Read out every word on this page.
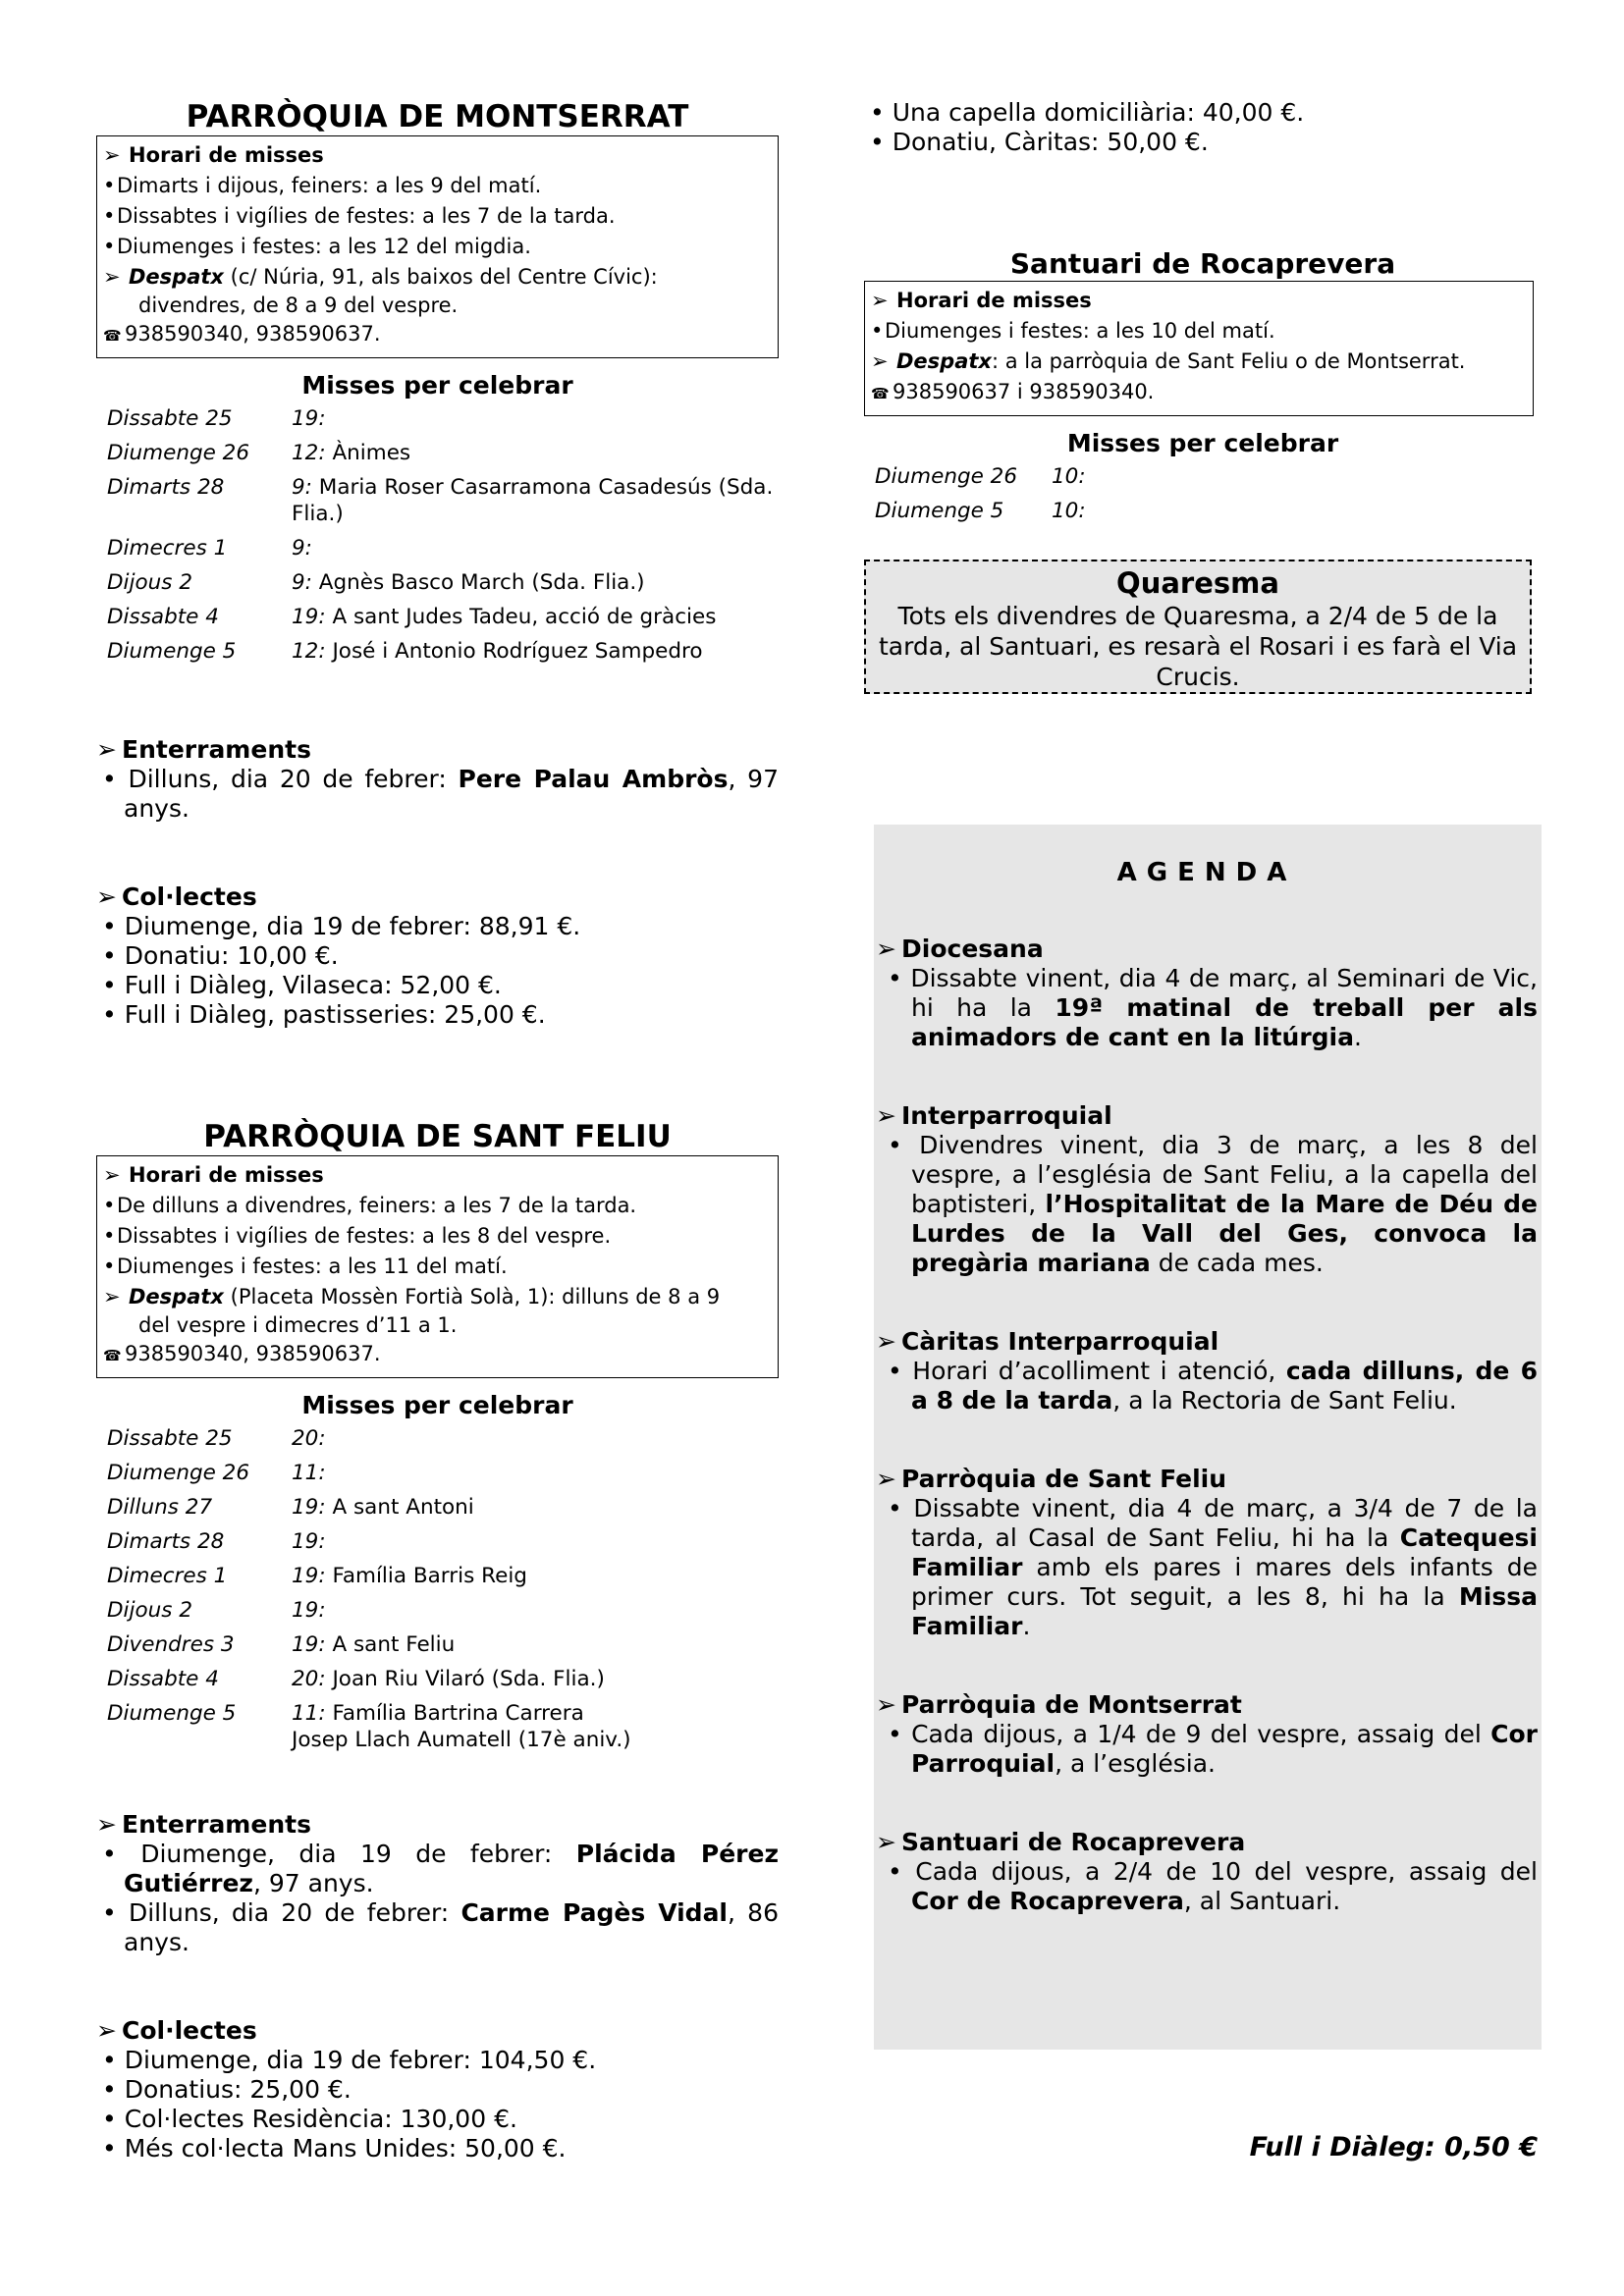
PARRÒQUIA DE MONTSERRAT
➢ Horari de misses
•Dimarts i dijous, feiners: a les 9 del matí.
•Dissabtes i vigílies de festes: a les 7 de la tarda.
•Diumenges i festes: a les 12 del migdia.
➢ Despatx (c/ Núria, 91, als baixos del Centre Cívic):
divendres, de 8 a 9 del vespre.
☎ 938590340, 938590637.
Misses per celebrar
Dissabte 25	19:
Diumenge 26	12: Ànimes
Dimarts 28	9: Maria Roser Casarramona Casadesús (Sda. Flia.)
Dimecres 1	9:
Dijous 2	9: Agnès Basco March (Sda. Flia.)
Dissabte 4	19: A sant Judes Tadeu, acció de gràcies
Diumenge 5	12: José i Antonio Rodríguez Sampedro
➢ Enterraments
• Dilluns, dia 20 de febrer: Pere Palau Ambròs, 97 anys.
➢ Col·lectes
• Diumenge, dia 19 de febrer: 88,91 €.
• Donatiu: 10,00 €.
• Full i Diàleg, Vilaseca: 52,00 €.
• Full i Diàleg, pastisseries: 25,00 €.
PARRÒQUIA DE SANT FELIU
➢ Horari de misses
•De dilluns a divendres, feiners: a les 7 de la tarda.
•Dissabtes i vigílies de festes: a les 8 del vespre.
•Diumenges i festes: a les 11 del matí.
➢ Despatx (Placeta Mossèn Fortià Solà, 1): dilluns de 8 a 9
del vespre i dimecres d’11 a 1.
☎ 938590340, 938590637.
Misses per celebrar
Dissabte 25	20:
Diumenge 26	11:
Dilluns 27	19: A sant Antoni
Dimarts 28	19:
Dimecres 1	19: Família Barris Reig
Dijous 2	19:
Divendres 3	19: A sant Feliu
Dissabte 4	20: Joan Riu Vilaró (Sda. Flia.)
Diumenge 5	11: Família Bartrina Carrera
Josep Llach Aumatell (17è aniv.)
➢ Enterraments
• Diumenge, dia 19 de febrer: Plácida Pérez Gutiérrez, 97 anys.
• Dilluns, dia 20 de febrer: Carme Pagès Vidal, 86 anys.
➢ Col·lectes
• Diumenge, dia 19 de febrer: 104,50 €.
• Donatius: 25,00 €.
• Col·lectes Residència: 130,00 €.
• Més col·lecta Mans Unides: 50,00 €.
• Una capella domiciliària: 40,00 €.
• Donatiu, Càritas: 50,00 €.
Santuari de Rocaprevera
➢ Horari de misses
•Diumenges i festes: a les 10 del matí.
➢ Despatx: a la parròquia de Sant Feliu o de Montserrat.
☎ 938590637 i 938590340.
Misses per celebrar
Diumenge 26	10:
Diumenge 5	10:
Quaresma
Tots els divendres de Quaresma, a 2/4 de 5 de la tarda, al Santuari, es resarà el Rosari i es farà el Via Crucis.
AGENDA
➢ Diocesana
• Dissabte vinent, dia 4 de març, al Seminari de Vic, hi ha la 19ª matinal de treball per als animadors de cant en la litúrgia.
➢ Interparroquial
• Divendres vinent, dia 3 de març, a les 8 del vespre, a l’església de Sant Feliu, a la capella del baptisteri, l’Hospitalitat de la Mare de Déu de Lurdes de la Vall del Ges, convoca la pregària mariana de cada mes.
➢ Càritas Interparroquial
• Horari d’acolliment i atenció, cada dilluns, de 6 a 8 de la tarda, a la Rectoria de Sant Feliu.
➢ Parròquia de Sant Feliu
• Dissabte vinent, dia 4 de març, a 3/4 de 7 de la tarda, al Casal de Sant Feliu, hi ha la Catequesi Familiar amb els pares i mares dels infants de primer curs. Tot seguit, a les 8, hi ha la Missa Familiar.
➢ Parròquia de Montserrat
• Cada dijous, a 1/4 de 9 del vespre, assaig del Cor Parroquial, a l’església.
➢ Santuari de Rocaprevera
• Cada dijous, a 2/4 de 10 del vespre, assaig del Cor de Rocaprevera, al Santuari.
Full i Diàleg: 0,50 €
